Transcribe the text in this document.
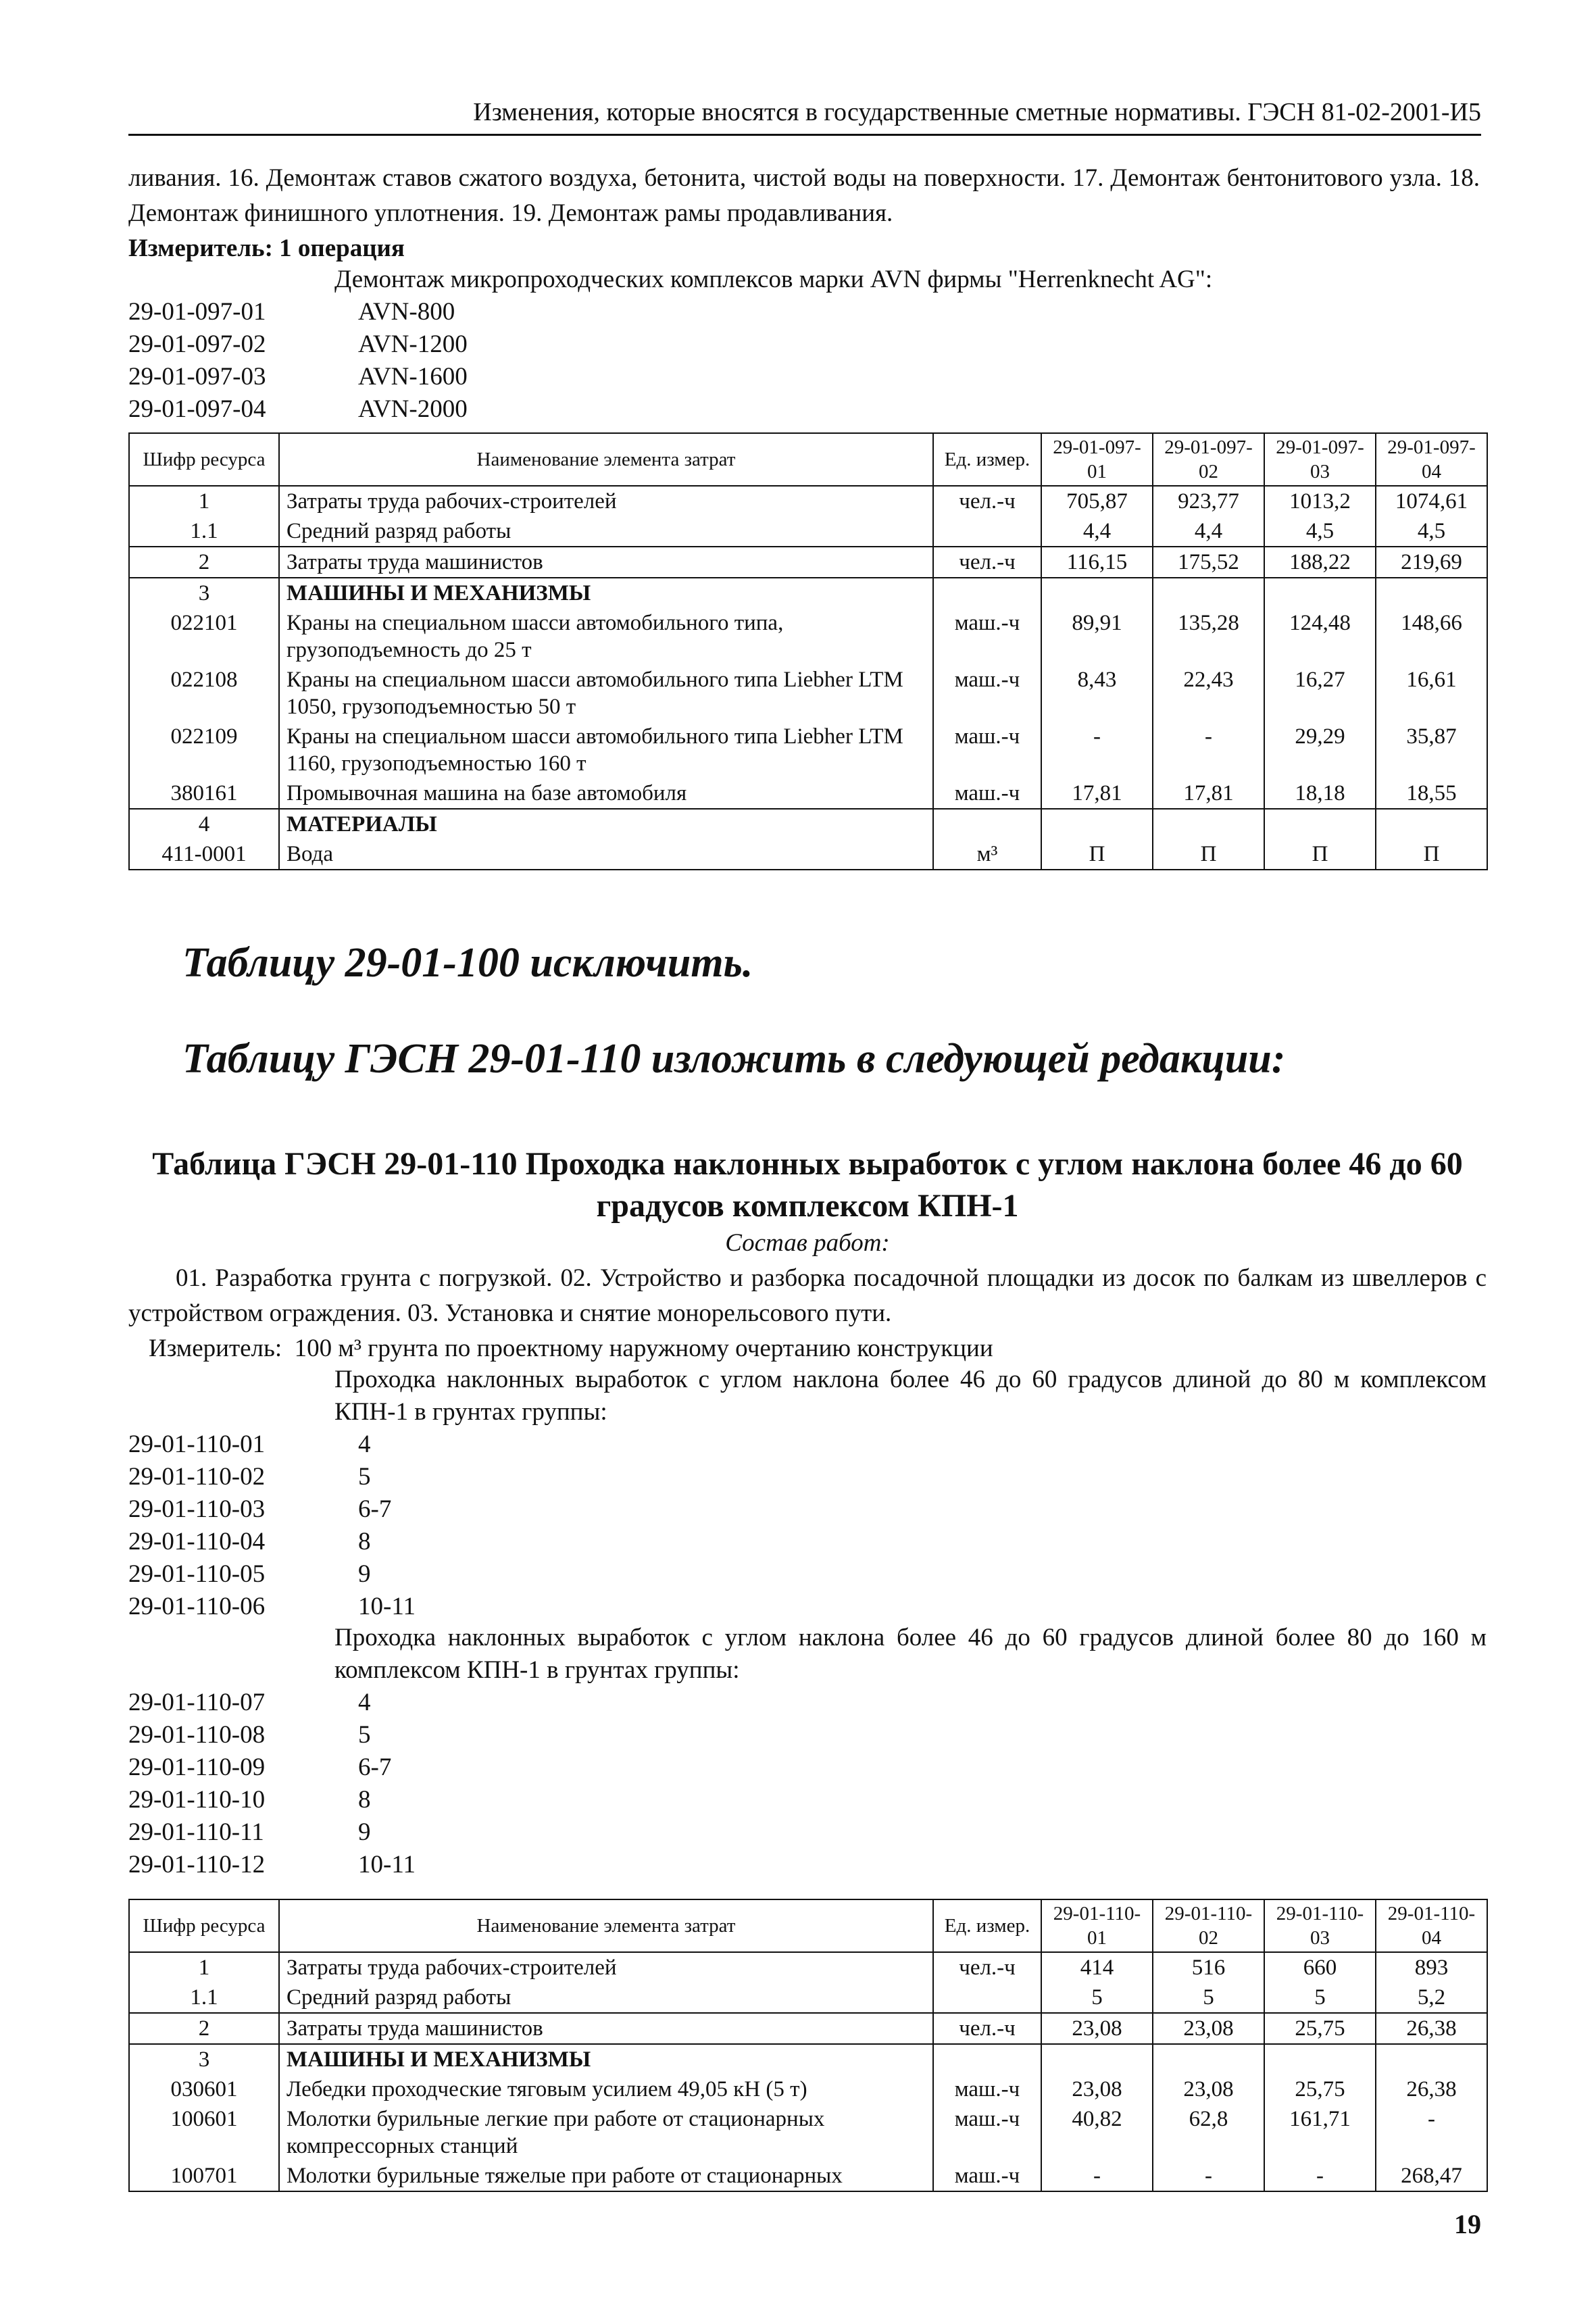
Изменения, которые вносятся в государственные сметные нормативы. ГЭСН 81-02-2001-И5

ливания. 16. Демонтаж ставов сжатого воздуха, бетонита, чистой воды на поверхности. 17. Демонтаж бентонитового узла. 18. Демонтаж финишного уплотнения. 19. Демонтаж рамы продавливания.

Измеритель: 1 операция

Демонтаж микропроходческих комплексов марки AVN фирмы "Herrenknecht AG":
29-01-097-01	AVN-800
29-01-097-02	AVN-1200
29-01-097-03	AVN-1600
29-01-097-04	AVN-2000
Шифр ресурса	Наименование элемента затрат	Ед. измер.	29-01-097-01	29-01-097-02	29-01-097-03	29-01-097-04
1	Затраты труда рабочих-строителей	чел.-ч	705,87	923,77	1013,2	1074,61
1.1	Средний разряд работы		4,4	4,4	4,5	4,5
2	Затраты труда машинистов	чел.-ч	116,15	175,52	188,22	219,69
3	МАШИНЫ И МЕХАНИЗМЫ					
022101	Краны на специальном шасси автомобильного типа, грузоподъемность до 25 т	маш.-ч	89,91	135,28	124,48	148,66
022108	Краны на специальном шасси автомобильного типа Liebher LTM 1050, грузоподъемностью 50 т	маш.-ч	8,43	22,43	16,27	16,61
022109	Краны на специальном шасси автомобильного типа Liebher LTM 1160, грузоподъемностью 160 т	маш.-ч	-	-	29,29	35,87
380161	Промывочная машина на базе автомобиля	маш.-ч	17,81	17,81	18,18	18,55
4	МАТЕРИАЛЫ					
411-0001	Вода	м³	П	П	П	П
Таблицу 29-01-100 исключить.
Таблицу ГЭСН 29-01-110 изложить в следующей редакции:
Таблица ГЭСН 29-01-110 Проходка наклонных выработок с углом наклона более 46 до 60 градусов комплексом КПН-1
Состав работ:

01. Разработка грунта с погрузкой. 02. Устройство и разборка посадочной площадки из досок по балкам из швеллеров с устройством ограждения. 03. Установка и снятие монорельсового пути.

Измеритель: 100 м³ грунта по проектному наружному очертанию конструкции

Проходка наклонных выработок с углом наклона более 46 до 60 градусов длиной до 80 м комплексом КПН-1 в грунтах группы:
29-01-110-01	4
29-01-110-02	5
29-01-110-03	6-7
29-01-110-04	8
29-01-110-05	9
29-01-110-06	10-11
Проходка наклонных выработок с углом наклона более 46 до 60 градусов длиной более 80 до 160 м комплексом КПН-1 в грунтах группы:
29-01-110-07	4
29-01-110-08	5
29-01-110-09	6-7
29-01-110-10	8
29-01-110-11	9
29-01-110-12	10-11
Шифр ресурса	Наименование элемента затрат	Ед. измер.	29-01-110-01	29-01-110-02	29-01-110-03	29-01-110-04
1	Затраты труда рабочих-строителей	чел.-ч	414	516	660	893
1.1	Средний разряд работы		5	5	5	5,2
2	Затраты труда машинистов	чел.-ч	23,08	23,08	25,75	26,38
3	МАШИНЫ И МЕХАНИЗМЫ					
030601	Лебедки проходческие тяговым усилием 49,05 кН (5 т)	маш.-ч	23,08	23,08	25,75	26,38
100601	Молотки бурильные легкие при работе от стационарных компрессорных станций	маш.-ч	40,82	62,8	161,71	-
100701	Молотки бурильные тяжелые при работе от стационарных	маш.-ч	-	-	-	268,47
19
